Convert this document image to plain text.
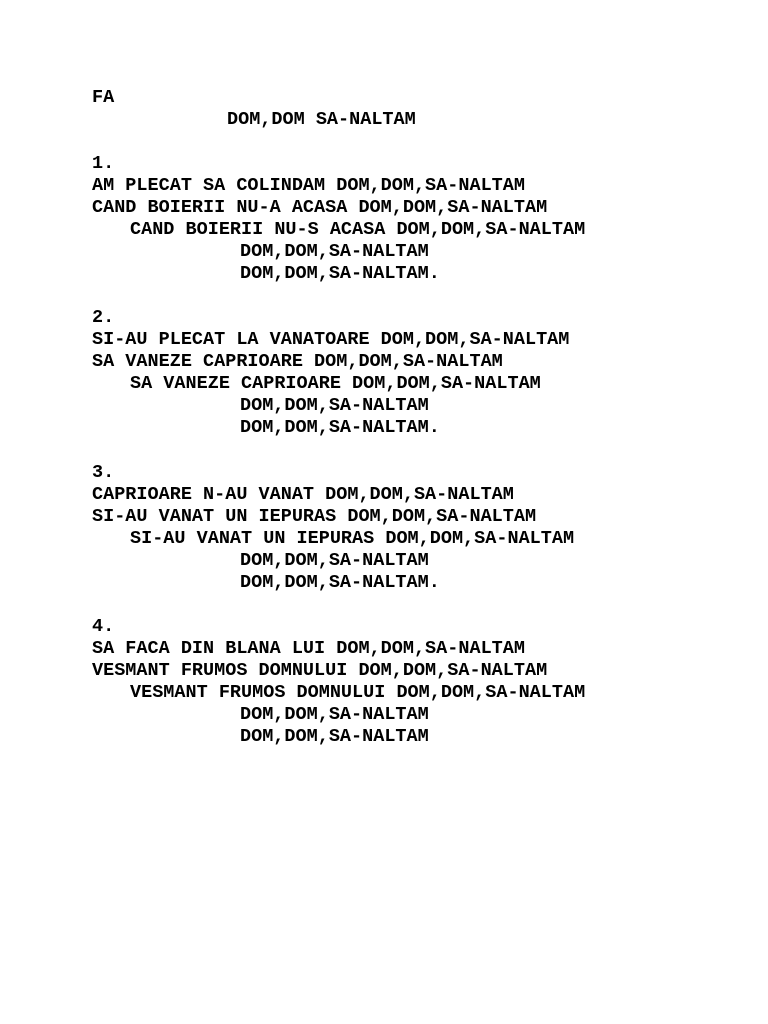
FA

DOM,DOM SA-NALTAM

1.

AM PLECAT SA COLINDAM DOM,DOM,SA-NALTAM

CAND BOIERII NU-A ACASA DOM,DOM,SA-NALTAM

CAND BOIERII NU-S ACASA DOM,DOM,SA-NALTAM

DOM,DOM,SA-NALTAM

DOM,DOM,SA-NALTAM.

2.

SI-AU PLECAT LA VANATOARE DOM,DOM,SA-NALTAM

SA VANEZE CAPRIOARE DOM,DOM,SA-NALTAM

SA VANEZE CAPRIOARE DOM,DOM,SA-NALTAM

DOM,DOM,SA-NALTAM

DOM,DOM,SA-NALTAM.

3.

CAPRIOARE N-AU VANAT DOM,DOM,SA-NALTAM

SI-AU VANAT UN IEPURAS DOM,DOM,SA-NALTAM

SI-AU VANAT UN IEPURAS DOM,DOM,SA-NALTAM

DOM,DOM,SA-NALTAM

DOM,DOM,SA-NALTAM.

4.

SA FACA DIN BLANA LUI DOM,DOM,SA-NALTAM

VESMANT FRUMOS DOMNULUI DOM,DOM,SA-NALTAM

VESMANT FRUMOS DOMNULUI DOM,DOM,SA-NALTAM

DOM,DOM,SA-NALTAM

DOM,DOM,SA-NALTAM
